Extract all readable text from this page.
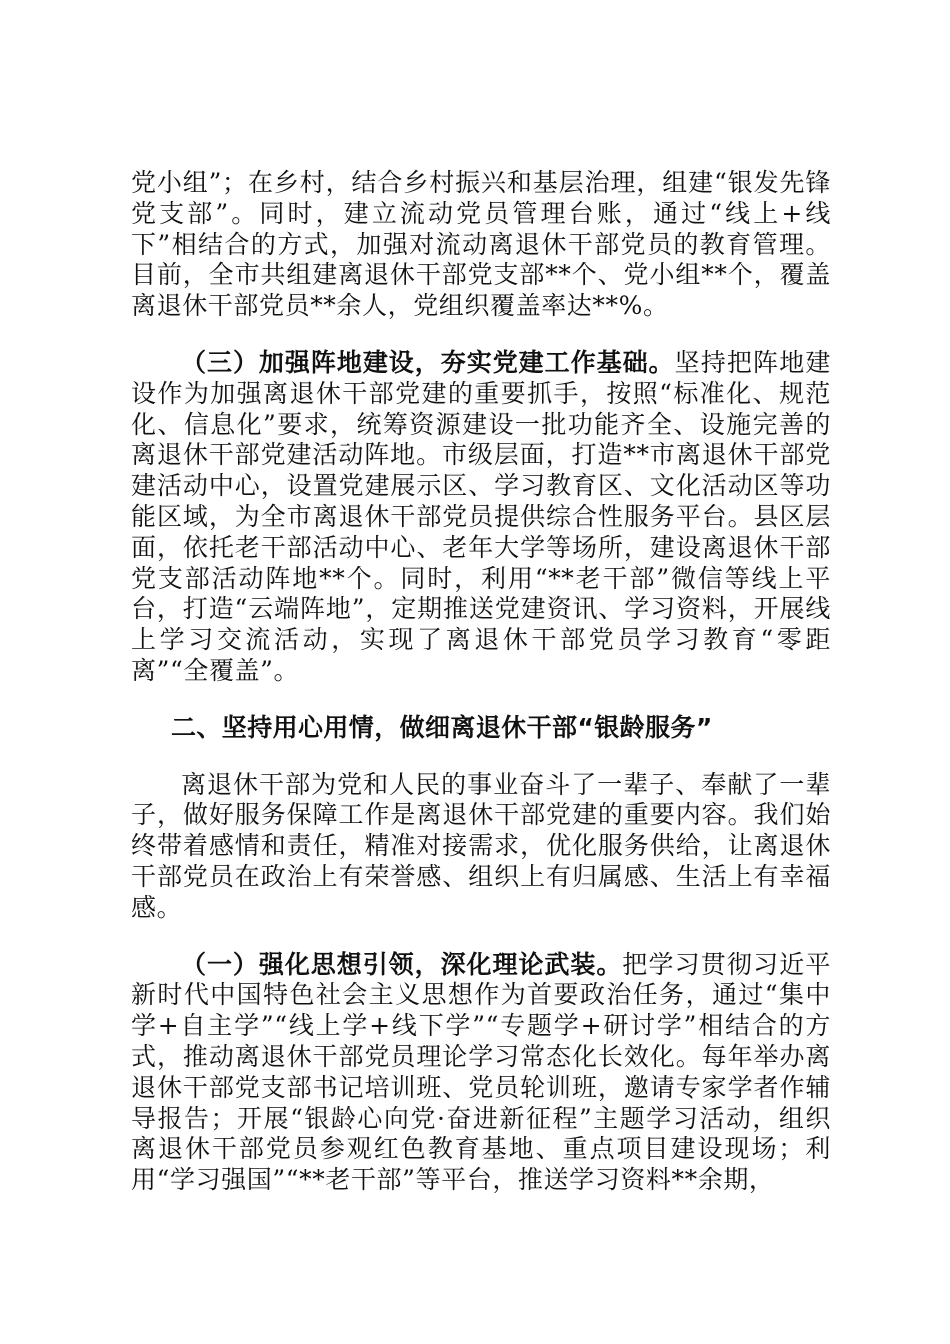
党小组”；在乡村，结合乡村振兴和基层治理，组建“银发先锋党支部”。同时，建立流动党员管理台账，通过“线上+线下”相结合的方式，加强对流动离退休干部党员的教育管理。目前，全市共组建离退休干部党支部**个、党小组**个，覆盖离退休干部党员**余人，党组织覆盖率达**%。

（三）加强阵地建设，夯实党建工作基础。坚持把阵地建设作为加强离退休干部党建的重要抓手，按照“标准化、规范化、信息化”要求，统筹资源建设一批功能齐全、设施完善的离退休干部党建活动阵地。市级层面，打造**市离退休干部党建活动中心，设置党建展示区、学习教育区、文化活动区等功能区域，为全市离退休干部党员提供综合性服务平台。县区层面，依托老干部活动中心、老年大学等场所，建设离退休干部党支部活动阵地**个。同时，利用“**老干部”微信等线上平台，打造“云端阵地”，定期推送党建资讯、学习资料，开展线上学习交流活动，实现了离退休干部党员学习教育“零距离”“全覆盖”。

二、坚持用心用情，做细离退休干部“银龄服务”

离退休干部为党和人民的事业奋斗了一辈子、奉献了一辈子，做好服务保障工作是离退休干部党建的重要内容。我们始终带着感情和责任，精准对接需求，优化服务供给，让离退休干部党员在政治上有荣誉感、组织上有归属感、生活上有幸福感。

（一）强化思想引领，深化理论武装。把学习贯彻习近平新时代中国特色社会主义思想作为首要政治任务，通过“集中学+自主学”“线上学+线下学”“专题学+研讨学”相结合的方式，推动离退休干部党员理论学习常态化长效化。每年举办离退休干部党支部书记培训班、党员轮训班，邀请专家学者作辅导报告；开展“银龄心向党·奋进新征程”主题学习活动，组织离退休干部党员参观红色教育基地、重点项目建设现场；利用“学习强国”“**老干部”等平台，推送学习资料**余期，
